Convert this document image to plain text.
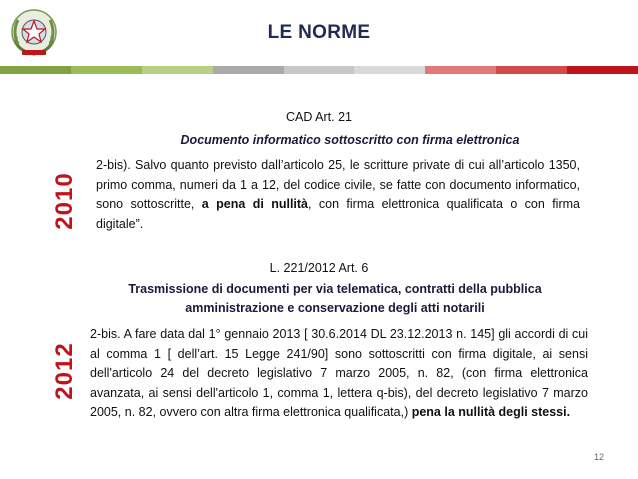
LE NORME
2010
CAD Art. 21
Documento informatico sottoscritto con firma elettronica
2-bis). Salvo quanto previsto dall’articolo 25, le scritture private di cui all’articolo 1350, primo comma, numeri da 1 a 12, del codice civile, se fatte con documento informatico, sono sottoscritte, a pena di nullità, con firma elettronica qualificata o con firma digitale”.
2012
L. 221/2012 Art. 6
Trasmissione di documenti per via telematica, contratti della pubblica amministrazione e conservazione degli atti notarili
2-bis. A fare data dal 1° gennaio 2013 [ 30.6.2014 DL 23.12.2013 n. 145] gli accordi di cui al comma 1 [ dell’art. 15 Legge 241/90] sono sottoscritti con firma digitale, ai sensi dell'articolo 24 del decreto legislativo 7 marzo 2005, n. 82, (con firma elettronica avanzata, ai sensi dell'articolo 1, comma 1, lettera q-bis), del decreto legislativo 7 marzo 2005, n. 82, ovvero con altra firma elettronica qualificata,) pena la nullità degli stessi.
12
